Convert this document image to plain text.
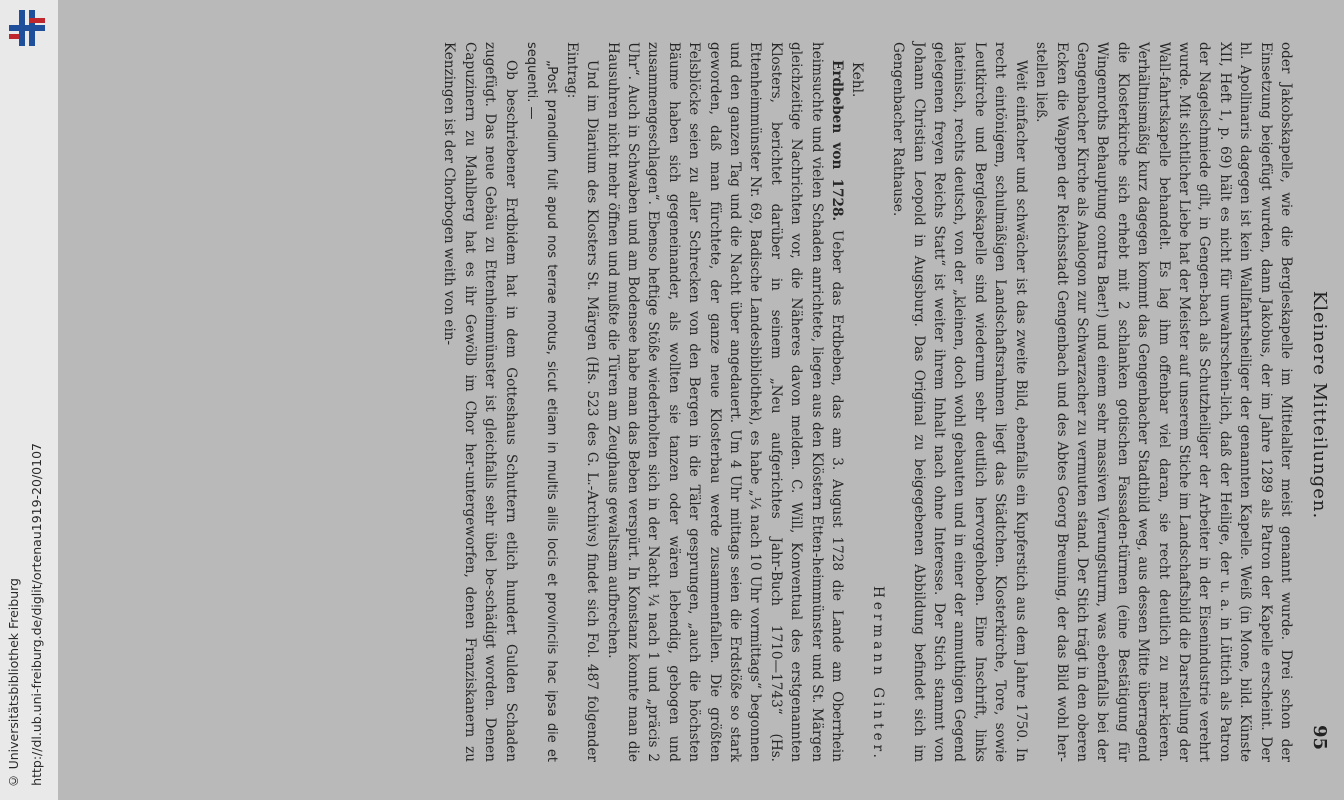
http://dl.ub.uni-freiburg.de/diglit/ortenau1919-20/0107
© Universitätsbibliothek Freiburg
Kleinere Mitteilungen.
95

oder Jakobskapelle, wie die Bergleskapelle im Mittelalter meist genannt wurde. Drei schon der Einsetzung beigefügt wurden, dann Jakobus, der im Jahre 1289 als Patron der Kapelle erscheint. Der hl. Apollinaris dagegen ist kein Wallfahrtsheiliger der genannten Kapelle. Weiß (in Mone, bild. Künste XII, Heft 1, p. 69) hält es nicht für unwahrschein-lich, daß der Heilige, der u. a. in Lüttich als Patron der Nagelschmiede gilt, in Gengen-bach als Schutzheiliger der Arbeiter in der Eisenindustrie verehrt wurde. Mit sichtlicher Liebe hat der Meister auf unserem Stiche im Landschaftsbild die Darstellung der Wall-fahrtskapelle behandelt. Es lag ihm offenbar viel daran, sie recht deutlich zu mar-kieren. Verhältnismäßig kurz dagegen kommt das Gengenbacher Stadtbild weg, aus dessen Mitte überragend die Klosterkirche sich erhebt mit 2 schlanken gotischen Fassaden-türmen (eine Bestätigung für Wingenroths Behauptung contra Baer!) und einem sehr massiven Vierungsturm, was ebenfalls bei der Gengenbacher Kirche als Analogon zur Schwarzacher zu vermuten stand. Der Stich trägt in den oberen Ecken die Wappen der Reichsstadt Gengenbach und des Abtes Georg Breuning, der das Bild wohl her-stellen ließ.

Weit einfacher und schwächer ist das zweite Bild, ebenfalls ein Kupferstich aus dem Jahre 1750. In recht eintönigem, schulmäßigen Landschaftsrahmen liegt das Städtchen. Klosterkirche, Tore, sowie Leutkirche und Bergleskapelle sind wiederum sehr deutlich hervorgehoben. Eine Inschrift, links lateinisch, rechts deutsch, von der „kleinen, doch wohl gebauten und in einer der anmuthigen Gegend gelegenen freyen Reichs Statt“ ist weiter ihrem Inhalt nach ohne Interesse. Der Stich stammt von Johann Christian Leopold in Augsburg. Das Original zu beigegebenen Abbildung befindet sich im Gengenbacher Rathause.

Hermann Ginter.
Kehl.

Erdbeben von 1728. Ueber das Erdbeben, das am 3. August 1728 die Lande am Oberrhein heimsuchte und vielen Schaden anrichtete, liegen aus den Klöstern Etten-heimmünster und St. Märgen gleichzeitige Nachrichten vor, die Näheres davon melden. C. Will, Konventual des erstgenannten Klosters, berichtet darüber in seinem „Neu aufgerichtes Jahr-Buch 1710—1743“ (Hs. Ettenheimmünster Nr. 69, Badische Landesbibliothek), es habe „¼ nach 10 Uhr vormittags“ begonnen und den ganzen Tag und die Nacht über angedauert. Um 4 Uhr mittags seien die Erdstöße so stark geworden, daß man fürchtete, der ganze neue Klosterbau werde zusammenfallen. Die größten Felsblöcke seien zu aller Schrecken von den Bergen in die Täler gesprungen, „auch die höchsten Bäume haben sich gegeneinander, als wollten sie tanzen oder wären lebendig, gebogen und zusammengeschlagen“. Ebenso heftige Stöße wiederholten sich in der Nacht ¼ nach 1 und „präcis 2 Uhr“. Auch in Schwaben und am Bodensee habe man das Beben verspürt. In Konstanz konnte man die Hausuhren nicht mehr öffnen und mußte die Türen am Zeughaus gewaltsam aufbrechen.

Und im Diarium des Klosters St. Märgen (Hs. 523 des G. L.-Archivs) findet sich Fol. 487 folgender Eintrag:

„Post prandium fuit apud nos terrae motus, sicut etiam in multis aliis locis et provinciis hac ipsa die et sequenti. —

Ob beschriebener Erdbidem hat in dem Gotteshaus Schuttern etlich hundert Gulden Schaden zugefügt. Das neue Gebäu zu Ettenheimmünster ist gleichfalls sehr übel be-schädigt worden. Denen Capuzinern zu Mahlberg hat es ihr Gewölb im Chor her-untergeworfen, denen Franziskanern zu Kenzingen ist der Chorbogen weith von ein-
